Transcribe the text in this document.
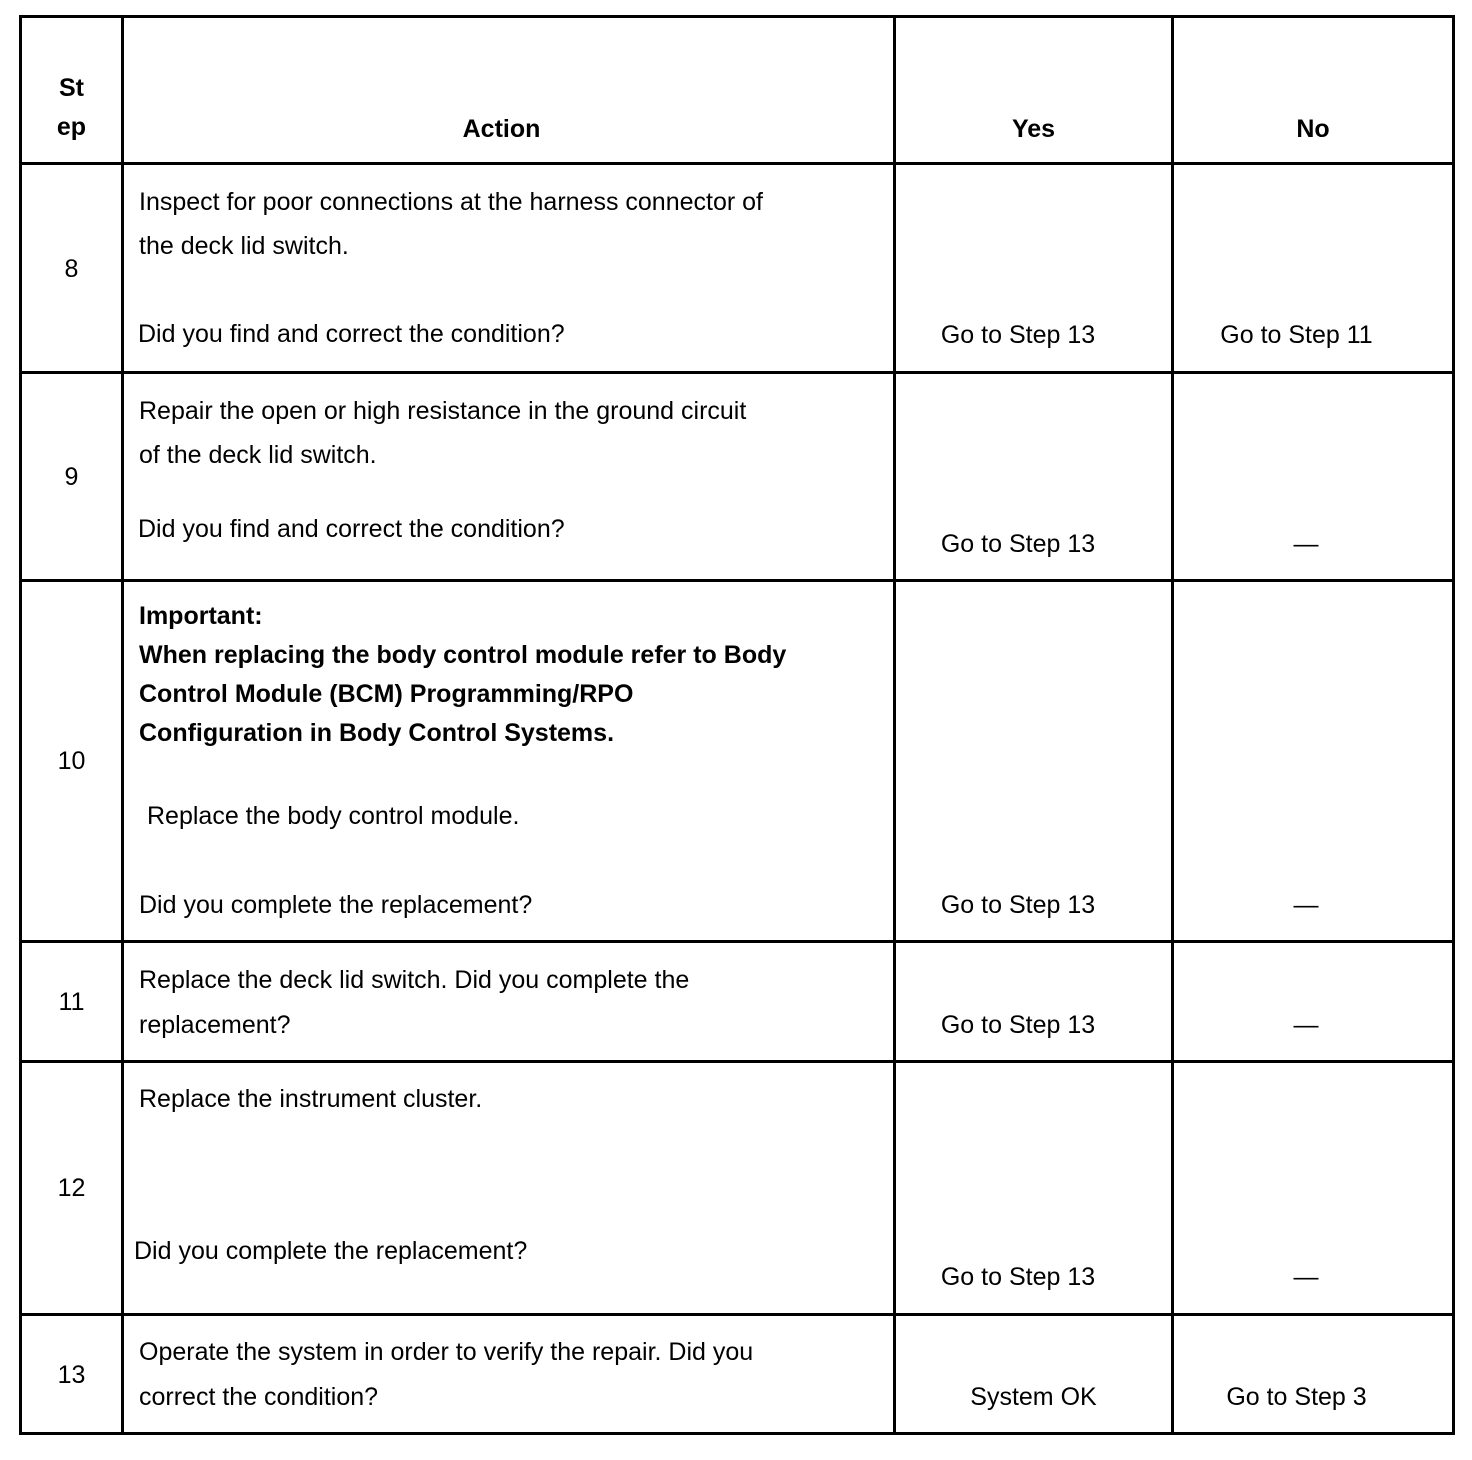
St
ep	Action	Yes	No
8
Inspect for poor connections at the harness connector of
the deck lid switch.
Did you find and correct the condition?	Go to Step 13	Go to Step 11
9
Repair the open or high resistance in the ground circuit
of the deck lid switch.
Did you find and correct the condition?
Go to Step 13	—
10
Important:
When replacing the body control module refer to Body
Control Module (BCM) Programming/RPO
Configuration in Body Control Systems.
Replace the body control module.
Did you complete the replacement?	Go to Step 13	—
11
Replace the deck lid switch. Did you complete the
replacement?	Go to Step 13	—
12
Replace the instrument cluster.
Did you complete the replacement?
Go to Step 13	—
13
Operate the system in order to verify the repair. Did you
correct the condition?	System OK	Go to Step 3
